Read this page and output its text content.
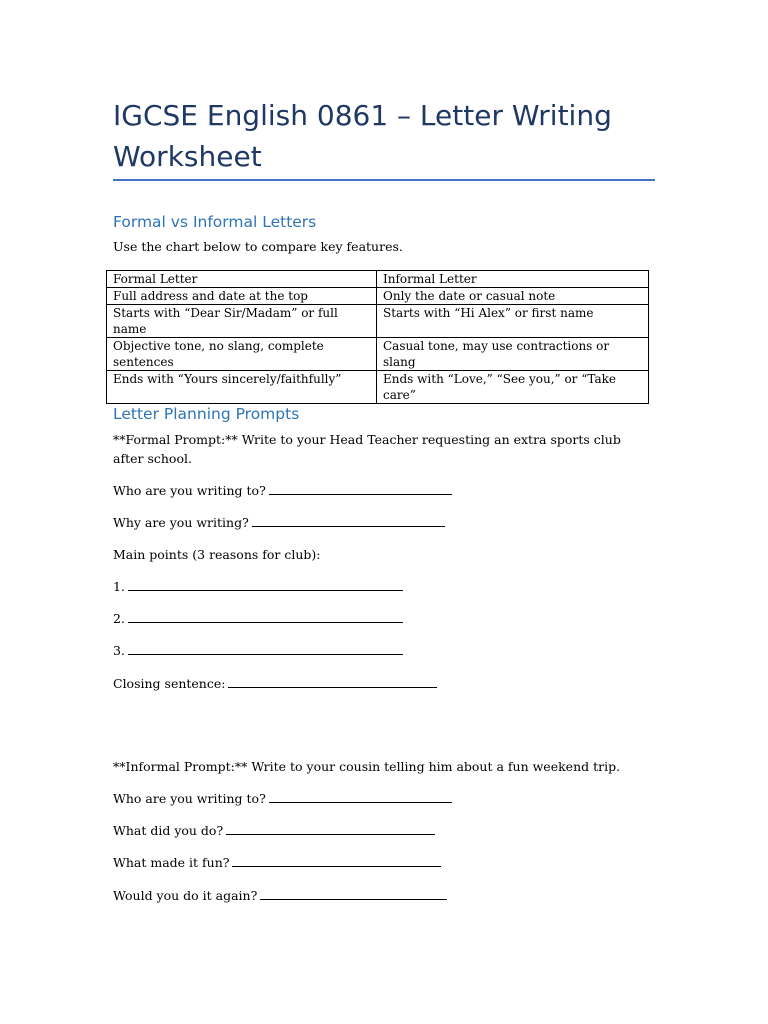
IGCSE English 0861 – Letter Writing Worksheet
Formal vs Informal Letters

Use the chart below to compare key features.

Formal Letter	Informal Letter
Full address and date at the top	Only the date or casual note
Starts with “Dear Sir/Madam” or full name	Starts with “Hi Alex” or first name
Objective tone, no slang, complete sentences	Casual tone, may use contractions or slang
Ends with “Yours sincerely/faithfully”	Ends with “Love,” “See you,” or “Take care”
Letter Planning Prompts

**Formal Prompt:** Write to your Head Teacher requesting an extra sports club after school.

Who are you writing to?
Why are you writing?
Main points (3 reasons for club):
1.
2.
3.
Closing sentence:

**Informal Prompt:** Write to your cousin telling him about a fun weekend trip.

Who are you writing to?
What did you do?
What made it fun?
Would you do it again?
